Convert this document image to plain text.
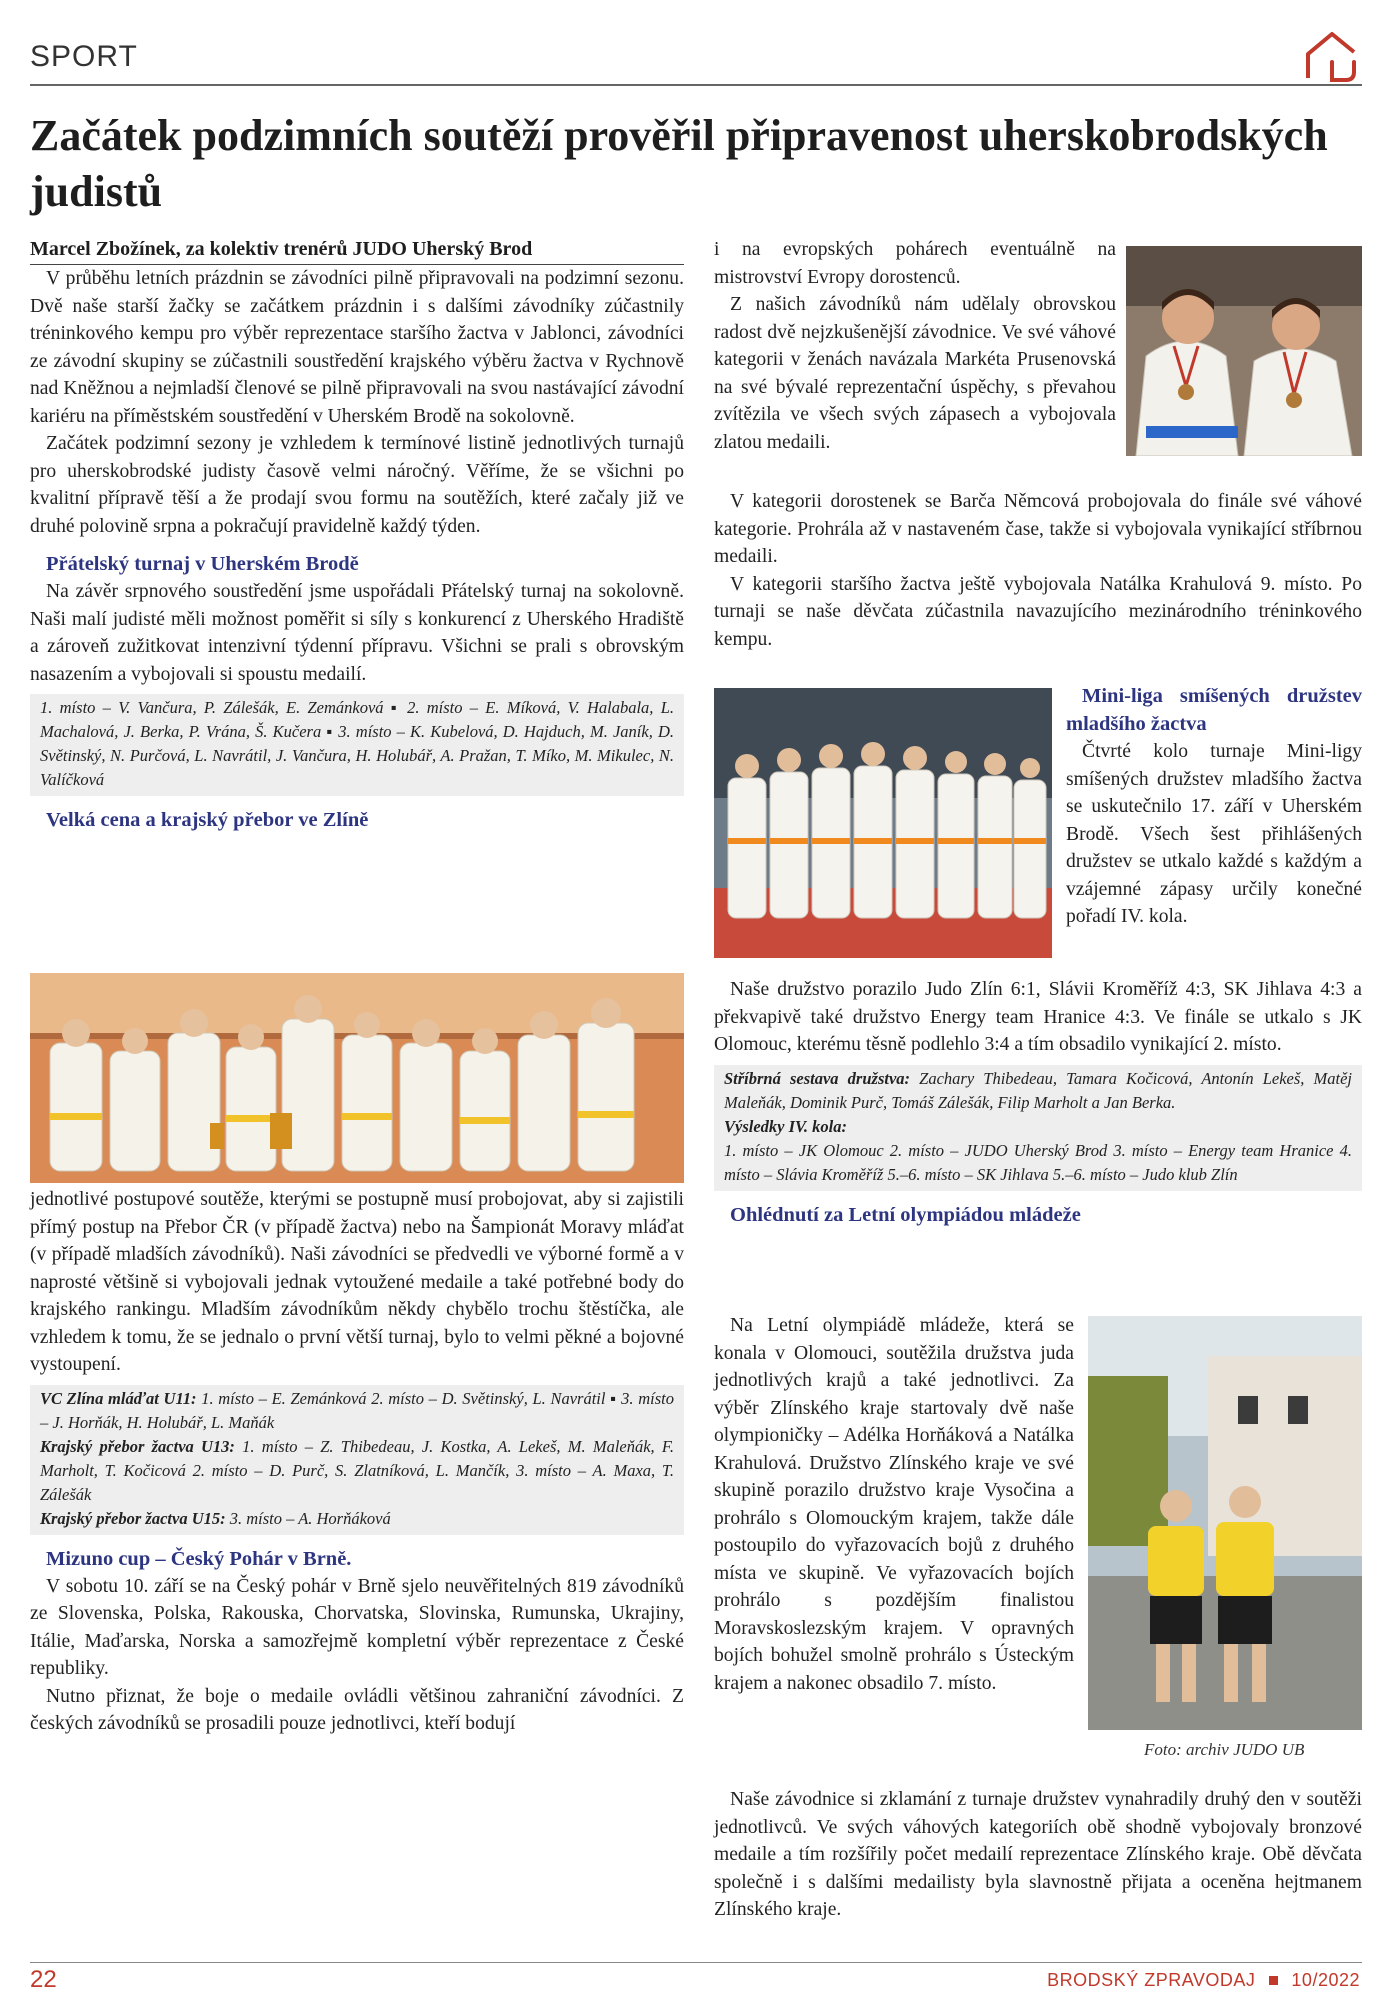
SPORT
Začátek podzimních soutěží prověřil připravenost uherskobrodských judistů

Marcel Zbožínek, za kolektiv trenérů JUDO Uherský Brod

V průběhu letních prázdnin se závodníci pilně připravovali na podzimní sezonu. Dvě naše starší žačky se začátkem prázdnin i s dalšími závodníky zúčastnily tréninkového kempu pro výběr reprezentace staršího žactva v Jablonci, závodníci ze závodní skupiny se zúčastnili soustředění krajského výběru žactva v Rychnově nad Kněžnou a nejmladší členové se pilně připravovali na svou nastávající závodní kariéru na příměstském soustředění v Uherském Brodě na sokolovně.

Začátek podzimní sezony je vzhledem k termínové listině jednotlivých turnajů pro uherskobrodské judisty časově velmi náročný. Věříme, že se všichni po kvalitní přípravě těší a že prodají svou formu na soutěžích, které začaly již ve druhé polovině srpna a pokračují pravidelně každý týden.

Přátelský turnaj v Uherském Brodě

Na závěr srpnového soustředění jsme uspořádali Přátelský turnaj na sokolovně. Naši malí judisté měli možnost poměřit si síly s konkurencí z Uherského Hradiště a zároveň zužitkovat intenzivní týdenní přípravu. Všichni se prali s obrovským nasazením a vybojovali si spoustu medailí.

1. místo – V. Vančura, P. Zálešák, E. Zemánková ▪ 2. místo – E. Míková, V. Halabala, L. Machalová, J. Berka, P. Vrána, Š. Kučera ▪ 3. místo – K. Kubelová, D. Hajduch, M. Janík, D. Světinský, N. Purčová, L. Navrátil, J. Vančura, H. Holubář, A. Pražan, T. Míko, M. Mikulec, N. Valíčková

Velká cena a krajský přebor ve Zlíně

jednotlivé postupové soutěže, kterými se postupně musí probojovat, aby si zajistili přímý postup na Přebor ČR (v případě žactva) nebo na Šampionát Moravy mláďat (v případě mladších závodníků). Naši závodníci se předvedli ve výborné formě a v naprosté většině si vybojovali jednak vytoužené medaile a také potřebné body do krajského rankingu. Mladším závodníkům někdy chybělo trochu štěstíčka, ale vzhledem k tomu, že se jednalo o první větší turnaj, bylo to velmi pěkné a bojovné vystoupení.

VC Zlína mláďat U11: 1. místo – E. Zemánková 2. místo – D. Světinský, L. Navrátil ▪ 3. místo – J. Horňák, H. Holubář, L. Maňák
Krajský přebor žactva U13: 1. místo – Z. Thibedeau, J. Kostka, A. Lekeš, M. Maleňák, F. Marholt, T. Kočicová 2. místo – D. Purč, S. Zlatníková, L. Mančík, 3. místo – A. Maxa, T. Zálešák
Krajský přebor žactva U15: 3. místo – A. Horňáková

Mizuno cup – Český Pohár v Brně.

V sobotu 10. září se na Český pohár v Brně sjelo neuvěřitelných 819 závodníků ze Slovenska, Polska, Rakouska, Chorvatska, Slovinska, Rumunska, Ukrajiny, Itálie, Maďarska, Norska a samozřejmě kompletní výběr reprezentace z České republiky.

Nutno přiznat, že boje o medaile ovládli většinou zahraniční závodníci. Z českých závodníků se prosadili pouze jednotlivci, kteří bodují

i na evropských pohárech eventuálně na mistrovství Evropy dorostenců.

Z našich závodníků nám udělaly obrovskou radost dvě nejzkušenější závodnice. Ve své váhové kategorii v ženách navázala Markéta Prusenovská na své bývalé reprezentační úspěchy, s převahou zvítězila ve všech svých zápasech a vybojovala zlatou medaili.

V kategorii dorostenek se Barča Němcová probojovala do finále své váhové kategorie. Prohrála až v nastaveném čase, takže si vybojovala vynikající stříbrnou medaili.

V kategorii staršího žactva ještě vybojovala Natálka Krahulová 9. místo. Po turnaji se naše děvčata zúčastnila navazujícího mezinárodního tréninkového kempu.

Mini-liga smíšených družstev mladšího žactva

Čtvrté kolo turnaje Mini-ligy smíšených družstev mladšího žactva se uskutečnilo 17. září v Uherském Brodě. Všech šest přihlášených družstev se utkalo každé s každým a vzájemné zápasy určily konečné pořadí IV. kola.

Naše družstvo porazilo Judo Zlín 6:1, Slávii Kroměříž 4:3, SK Jihlava 4:3 a překvapivě také družstvo Energy team Hranice 4:3. Ve finále se utkalo s JK Olomouc, kterému těsně podlehlo 3:4 a tím obsadilo vynikající 2. místo.

Stříbrná sestava družstva: Zachary Thibedeau, Tamara Kočicová, Antonín Lekeš, Matěj Maleňák, Dominik Purč, Tomáš Zálešák, Filip Marholt a Jan Berka.
Výsledky IV. kola:
1. místo – JK Olomouc 2. místo – JUDO Uherský Brod 3. místo – Energy team Hranice 4. místo – Slávia Kroměříž 5.–6. místo – SK Jihlava 5.–6. místo – Judo klub Zlín

Ohlédnutí za Letní olympiádou mládeže

Na Letní olympiádě mládeže, která se konala v Olomouci, soutěžila družstva juda jednotlivých krajů a také jednotlivci. Za výběr Zlínského kraje startovaly dvě naše olympioničky – Adélka Horňáková a Natálka Krahulová. Družstvo Zlínského kraje ve své skupině porazilo družstvo kraje Vysočina a prohrálo s Olomouckým krajem, takže dále postoupilo do vyřazovacích bojů z druhého místa ve skupině. Ve vyřazovacích bojích prohrálo s pozdějším finalistou Moravskoslezským krajem. V opravných bojích bohužel smolně prohrálo s Ústeckým krajem a nakonec obsadilo 7. místo.

Foto: archiv JUDO UB

Naše závodnice si zklamání z turnaje družstev vynahradily druhý den v soutěži jednotlivců. Ve svých váhových kategoriích obě shodně vybojovaly bronzové medaile a tím rozšířily počet medailí reprezentace Zlínského kraje. Obě děvčata společně i s dalšími medailisty byla slavnostně přijata a oceněna hejtmanem Zlínského kraje.

22	BRODSKÝ ZPRAVODAJ 10/2022
